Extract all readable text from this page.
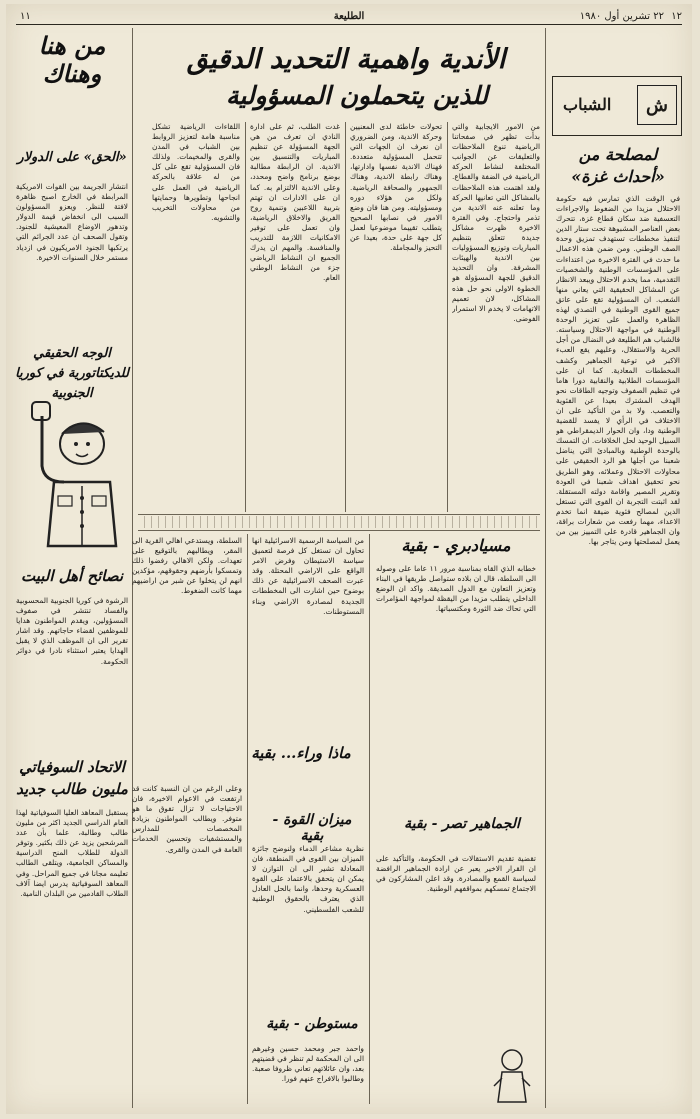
٢٢ تشرين أول ١٩٨٠
الطليعة
١١	١٢
ش
الشباب
لمصلحة من «أحداث غزة»

في الوقت الذي تمارس فيه حكومة الاحتلال مزيدا من الضغوط والاجراءات التعسفية ضد سكان قطاع غزة، تتحرك بعض العناصر المشبوهة تحت ستار الدين لتنفيذ مخططات تستهدف تمزيق وحدة الصف الوطني. ومن ضمن هذه الاعمال ما حدث في الفترة الاخيرة من اعتداءات على المؤسسات الوطنية والشخصيات التقدمية، مما يخدم الاحتلال ويبعد الانظار عن المشاكل الحقيقية التي يعاني منها الشعب. ان المسؤولية تقع على عاتق جميع القوى الوطنية في التصدي لهذه الظاهرة والعمل على تعزيز الوحدة الوطنية في مواجهة الاحتلال وسياسته. فالشباب هم الطليعة في النضال من أجل الحرية والاستقلال، وعليهم يقع العبء الاكبر في توعية الجماهير وكشف المخططات المعادية. كما ان على المؤسسات الطلابية والنقابية دورا هاما في تنظيم الصفوف وتوجيه الطاقات نحو الهدف المشترك بعيدا عن الفئوية والتعصب. ولا بد من التأكيد على ان الاختلاف في الرأي لا يفسد للقضية الوطنية ودا، وان الحوار الديمقراطي هو السبيل الوحيد لحل الخلافات. ان التمسك بالوحدة الوطنية وبالمبادئ التي يناضل شعبنا من أجلها هو الرد الحقيقي على محاولات الاحتلال وعملائه، وهو الطريق نحو تحقيق اهداف شعبنا في العودة وتقرير المصير واقامة دولته المستقلة. لقد اثبتت التجربة ان القوى التي تستغل الدين لمصالح فئوية ضيقة انما تخدم الاعداء، مهما رفعت من شعارات براقة، وان الجماهير قادرة على التمييز بين من يعمل لمصلحتها ومن يتاجر بها.

الأندية واهمية التحديد الدقيق
للذين يتحملون المسؤولية

من الامور الايجابية والتي بدأت تظهر في صفحاتنا الرياضية تنوع الملاحظات والتعليقات عن الجوانب المختلفة لنشاط الحركة الرياضية في الضفة والقطاع. ولقد اهتمت هذه الملاحظات بالمشاكل التي تعانيها الحركة وما تعلنه عنه الاندية من تذمر واحتجاج. وفي الفترة الاخيرة ظهرت مشاكل جديدة تتعلق بتنظيم المباريات وتوزيع المسؤوليات بين الاندية والهيئات المشرفة. وان التحديد الدقيق للجهة المسؤولة هو الخطوة الاولى نحو حل هذه المشاكل، لان تعميم الاتهامات لا يخدم الا استمرار الفوضى.

تحولات خاطئة لدى المعنيين وحركة الاندية، ومن الضروري ان نعرف ان الجهات التي تتحمل المسؤولية متعددة. فهناك الاندية نفسها وادارتها، وهناك رابطة الاندية، وهناك الجمهور والصحافة الرياضية. ولكل من هؤلاء دوره ومسؤوليته. ومن هنا فان وضع الامور في نصابها الصحيح يتطلب تقييما موضوعيا لعمل كل جهة على حدة، بعيدا عن التحيز والمجاملة.

غدت الطلب، ثم على ادارة النادي ان تعرف من هي الجهة المسؤولة عن تنظيم المباريات والتنسيق بين الاندية. ان الرابطة مطالبة بوضع برنامج واضح ومحدد، وعلى الاندية الالتزام به. كما ان على الادارات ان تهتم بتربية اللاعبين وتنمية روح الفريق والاخلاق الرياضية، وان تعمل على توفير الامكانيات اللازمة للتدريب والمنافسة. والمهم ان يدرك الجميع ان النشاط الرياضي جزء من النشاط الوطني العام.

اللقاءات الرياضية تشكل مناسبة هامة لتعزيز الروابط بين الشباب في المدن والقرى والمخيمات. ولذلك فان المسؤولية تقع على كل من له علاقة بالحركة الرياضية في العمل على انجاحها وتطويرها وحمايتها من محاولات التخريب والتشويه.

من هنا وهناك
«الحق» على الدولار

انتشار الجريمة بين القوات الامريكية المرابطة في الخارج اصبح ظاهرة لافتة للنظر. ويعزو المسؤولون السبب الى انخفاض قيمة الدولار وتدهور الاوضاع المعيشية للجنود. وتقول الصحف ان عدد الجرائم التي يرتكبها الجنود الامريكيون في ازدياد مستمر خلال السنوات الاخيرة.

الوجه الحقيقي للديكتاتورية في كوريا الجنوبية
نصائح أهل البيت

الرشوة في كوريا الجنوبية المحسوبية والفساد تنتشر في صفوف المسؤولين، ويقدم المواطنون هدايا للموظفين لقضاء حاجاتهم. وقد اشار تقرير الى ان الموظف الذي لا يقبل الهدايا يعتبر استثناء نادرا في دوائر الحكومة.

الاتحاد السوفياتي مليون طالب جديد

يستقبل المعاهد العليا السوفياتية لهذا العام الدراسي الجديد اكثر من مليون طالب وطالبة، علما بأن عدد المرشحين يزيد عن ذلك بكثير. وتوفر الدولة للطلاب المنح الدراسية والمساكن الجامعية، ويتلقى الطالب تعليمه مجانا في جميع المراحل. وفي المعاهد السوفياتية يدرس ايضا آلاف الطلاب القادمين من البلدان النامية.

مسيادبري - بقية

خطابه الذي القاه بمناسبة مرور ١١ عاما على وصوله الى السلطة، قال ان بلاده ستواصل طريقها في البناء وتعزيز التعاون مع الدول الصديقة. واكد ان الوضع الداخلي يتطلب مزيدا من اليقظة لمواجهة المؤامرات التي تحاك ضد الثورة ومكتسباتها.

من السياسة الرسمية الاسرائيلية انها تحاول ان تستغل كل فرصة لتعميق سياسة الاستيطان وفرض الامر الواقع على الاراضي المحتلة. وقد عبرت الصحف الاسرائيلية عن ذلك بوضوح حين اشارت الى المخططات الجديدة لمصادرة الاراضي وبناء المستوطنات.

السلطة، ويستدعي اهالي القرية الى المقر، ويطالبهم بالتوقيع على تعهدات. ولكن الاهالي رفضوا ذلك وتمسكوا بأرضهم وحقوقهم، مؤكدين انهم لن يتخلوا عن شبر من اراضيهم مهما كانت الضغوط.

ماذا وراء... بقية
ميزان القوة - بقية

نظرية مشاعر الدماء ولنوضح جائزة الميزان بين القوى في المنطقة، فان المعادلة تشير الى ان التوازن لا يمكن ان يتحقق بالاعتماد على القوة العسكرية وحدها، وانما بالحل العادل الذي يعترف بالحقوق الوطنية للشعب الفلسطيني.

وعلى الرغم من ان النسبة كانت قد ارتفعت في الاعوام الاخيرة، فان الاحتياجات لا تزال تفوق ما هو متوفر. ويطالب المواطنون بزيادة المخصصات للمدارس والمستشفيات وتحسين الخدمات العامة في المدن والقرى.

الجماهير تصر - بقية

تقضية تقديم الاستقالات في الحكومة، والتأكيد على ان القرار الاخير يعبر عن ارادة الجماهير الرافضة لسياسة القمع والمصادرة. وقد اعلن المشاركون في الاجتماع تمسكهم بمواقفهم الوطنية.

مستوطن - بقية

واحمد جبر ومحمد حسين وغيرهم الى ان المحكمة لم تنظر في قضيتهم بعد، وان عائلاتهم تعاني ظروفا صعبة. وطالبوا بالافراج عنهم فورا.
